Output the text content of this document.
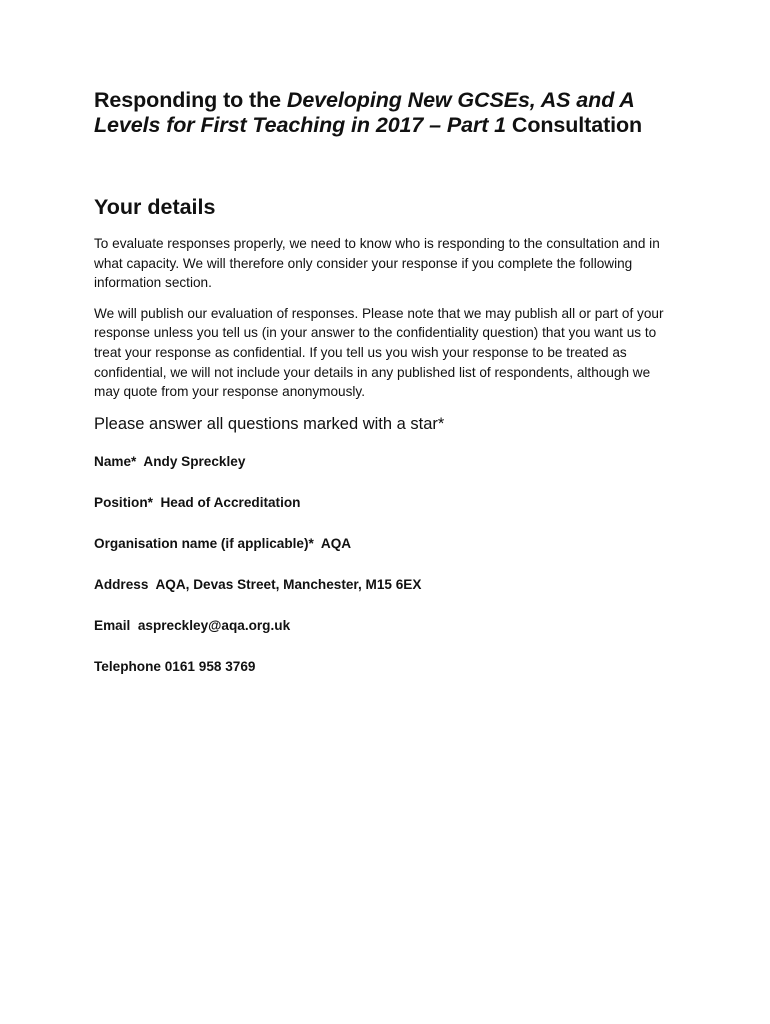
Responding to the Developing New GCSEs, AS and A Levels for First Teaching in 2017 – Part 1 Consultation
Your details

To evaluate responses properly, we need to know who is responding to the consultation and in what capacity. We will therefore only consider your response if you complete the following information section.

We will publish our evaluation of responses. Please note that we may publish all or part of your response unless you tell us (in your answer to the confidentiality question) that you want us to treat your response as confidential. If you tell us you wish your response to be treated as confidential, we will not include your details in any published list of respondents, although we may quote from your response anonymously.

Please answer all questions marked with a star*

Name* Andy Spreckley

Position* Head of Accreditation

Organisation name (if applicable)* AQA

Address AQA, Devas Street, Manchester, M15 6EX

Email aspreckley@aqa.org.uk

Telephone 0161 958 3769
